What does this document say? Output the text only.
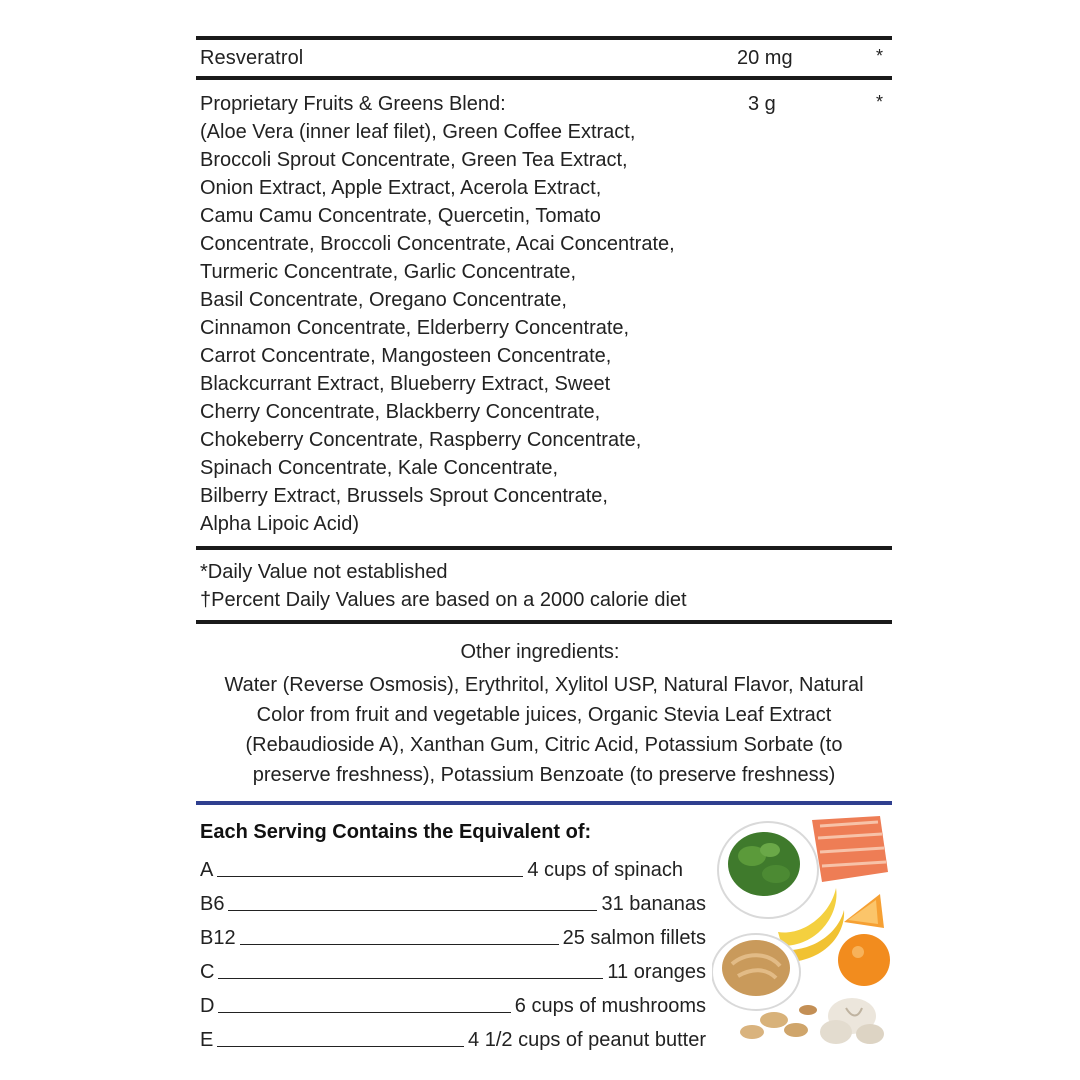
Resveratrol	20 mg	*
Proprietary Fruits & Greens Blend:
(Aloe Vera (inner leaf filet), Green Coffee Extract,
Broccoli Sprout Concentrate, Green Tea Extract,
Onion Extract, Apple Extract, Acerola Extract,
Camu Camu Concentrate, Quercetin, Tomato
Concentrate, Broccoli Concentrate, Acai Concentrate,
Turmeric Concentrate, Garlic Concentrate,
Basil Concentrate, Oregano Concentrate,
Cinnamon Concentrate, Elderberry Concentrate,
Carrot Concentrate, Mangosteen Concentrate,
Blackcurrant Extract, Blueberry Extract, Sweet
Cherry Concentrate, Blackberry Concentrate,
Chokeberry Concentrate, Raspberry Concentrate,
Spinach Concentrate, Kale Concentrate,
Bilberry Extract, Brussels Sprout Concentrate,
Alpha Lipoic Acid)
3 g	*
*Daily Value not established
†Percent Daily Values are based on a 2000 calorie diet
Other ingredients:
Water (Reverse Osmosis), Erythritol, Xylitol USP, Natural Flavor, Natural
Color from fruit and vegetable juices, Organic Stevia Leaf Extract
(Rebaudioside A), Xanthan Gum, Citric Acid, Potassium Sorbate (to
preserve freshness), Potassium Benzoate (to preserve freshness)
Each Serving Contains the Equivalent of:
A	4 cups of spinach
B6	31 bananas
B12	25 salmon fillets
C	11 oranges
D	6 cups of mushrooms
E	4 1/2 cups of peanut butter
